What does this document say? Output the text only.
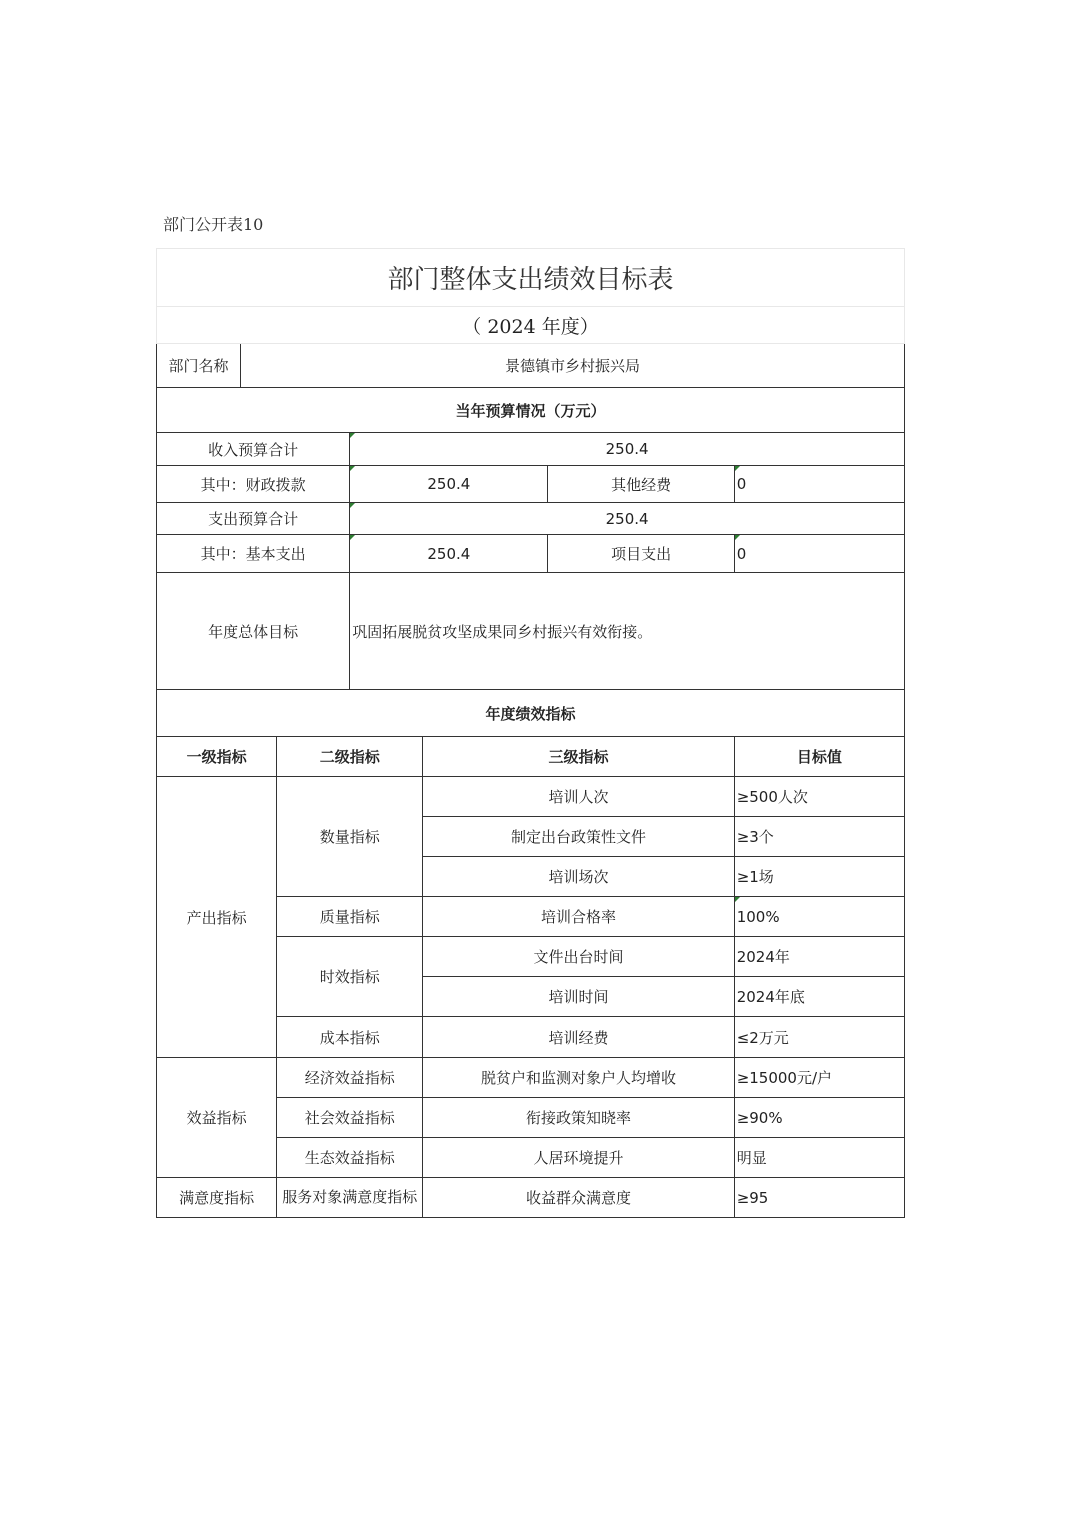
部门公开表10
部门整体支出绩效目标表					
（ 2024 年度）					

部门名称 景德镇市乡村振兴局					

当年预算情况（万元）					
收入预算合计		250.4			
其中：财政拨款		250.4		其他经费	0
支出预算合计		250.4			
其中：基本支出		250.4		项目支出	0
年度总体目标		巩固拓展脱贫攻坚成果同乡村振兴有效衔接。			
年度绩效指标					
一级指标	二级指标		三级指标		目标值
产出指标	数量指标		培训人次		≥500人次
			制定出台政策性文件		≥3个
			培训场次		≥1场
	质量指标		培训合格率		100%
	时效指标		文件出台时间		2024年
			培训时间		2024年底
	成本指标		培训经费		≤2万元
效益指标	经济效益指标		脱贫户和监测对象户人均增收		≥15000元/户
	社会效益指标		衔接政策知晓率		≥90%
	生态效益指标		人居环境提升		明显
满意度指标	服务对象满意度指标		收益群众满意度		≥95
